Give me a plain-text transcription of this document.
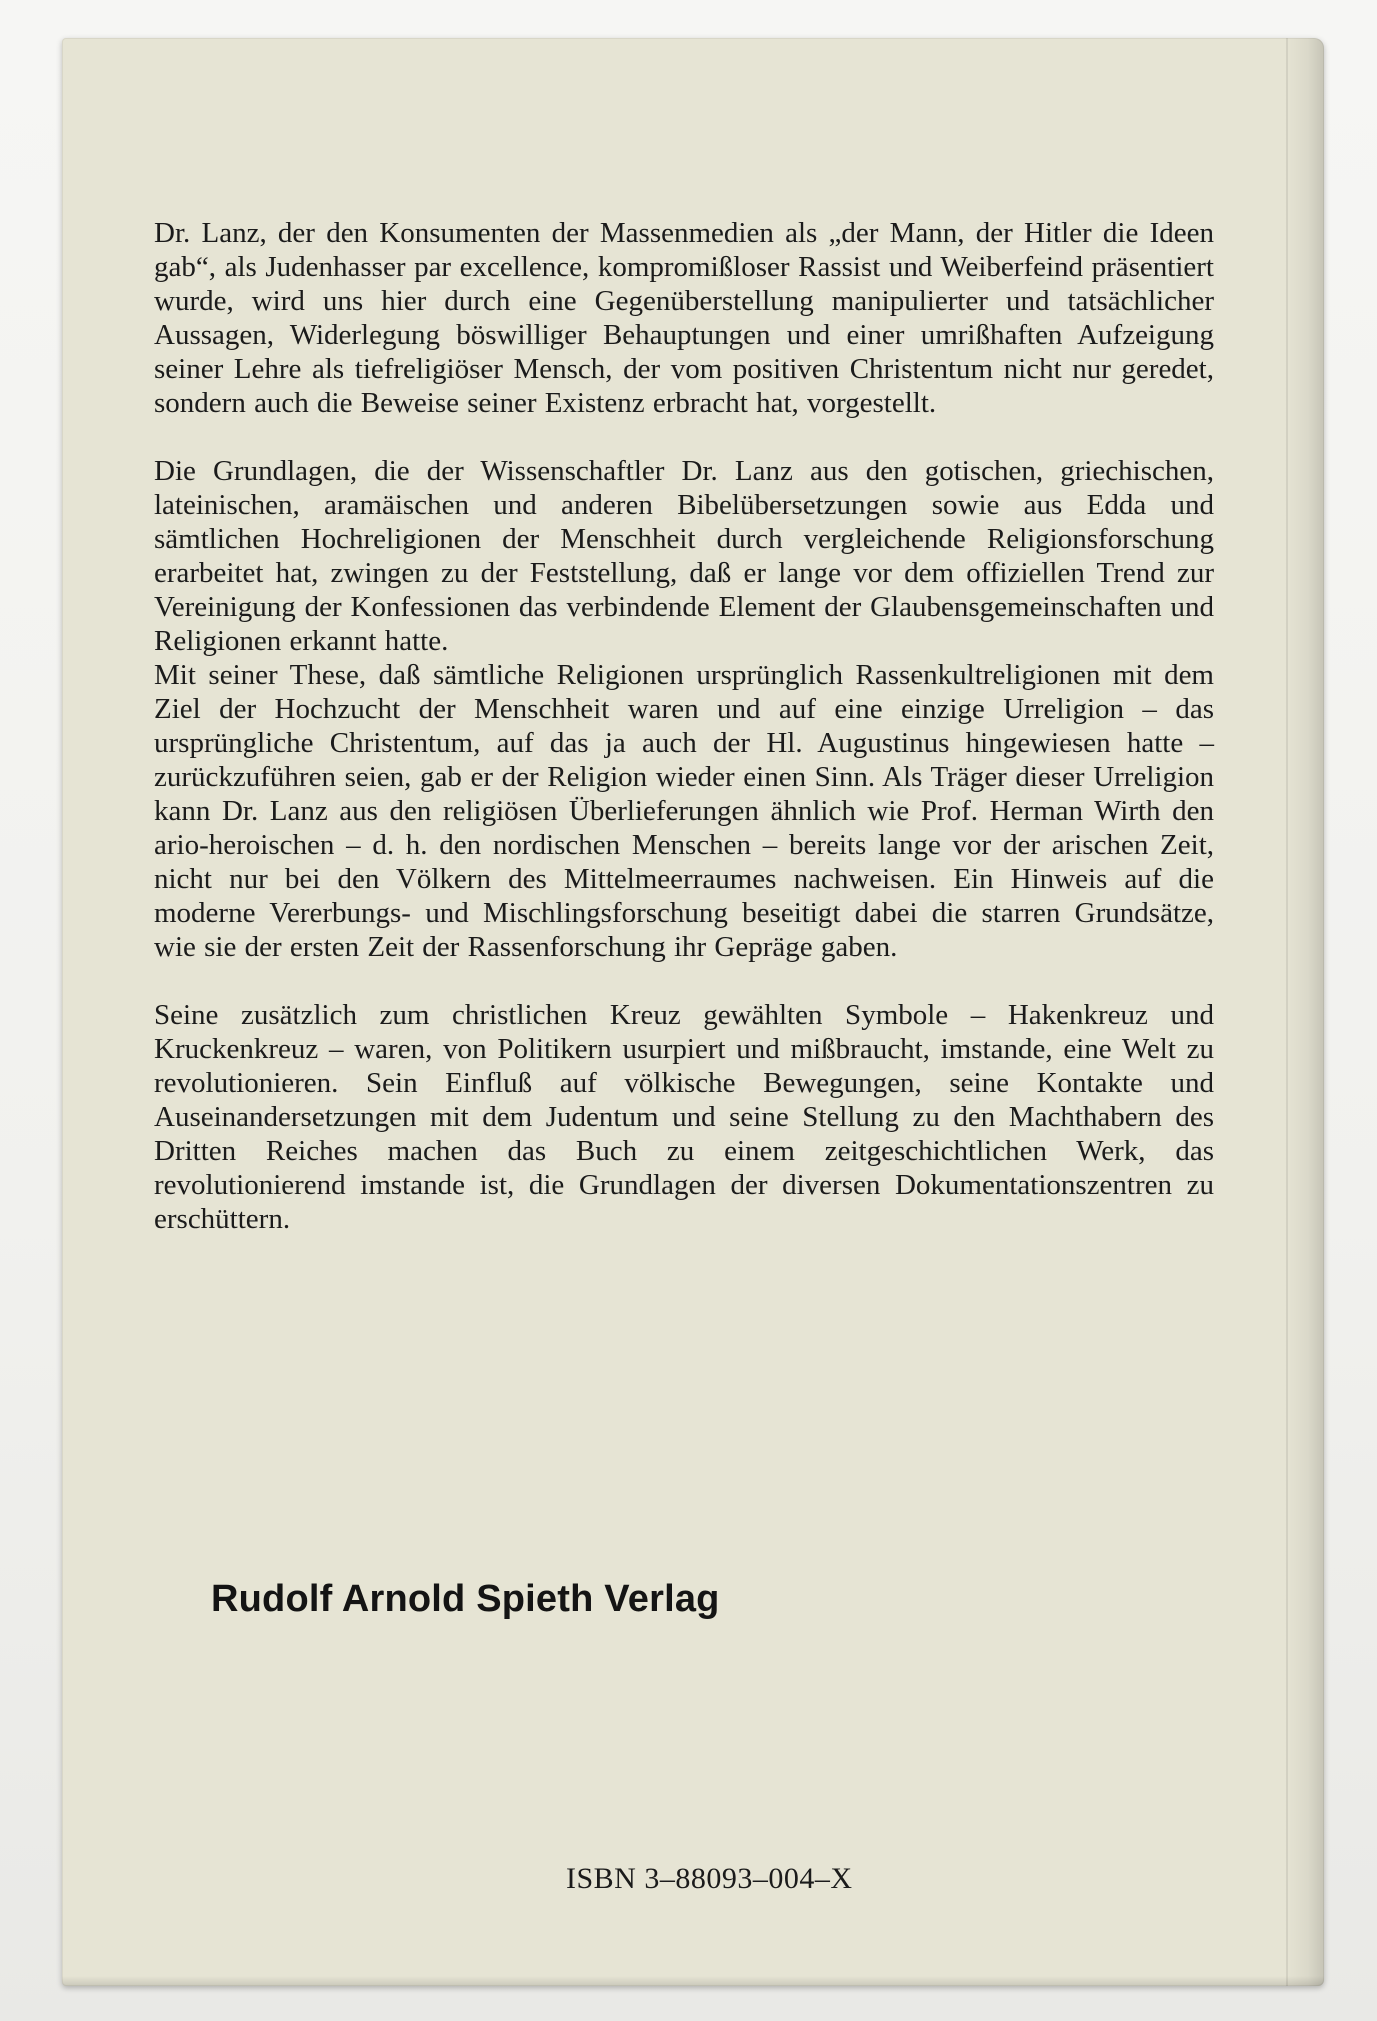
Dr. Lanz, der den Konsumenten der Massenmedien als „der Mann, der Hitler die Ideen gab“, als Judenhasser par excellence, kompromißloser Rassist und Weiberfeind präsentiert wurde, wird uns hier durch eine Gegenüberstellung manipulierter und tatsächlicher Aussagen, Widerlegung böswilliger Behauptungen und einer umrißhaften Aufzeigung seiner Lehre als tiefreligiöser Mensch, der vom positiven Christentum nicht nur geredet, sondern auch die Beweise seiner Existenz erbracht hat, vorgestellt.

Die Grundlagen, die der Wissenschaftler Dr. Lanz aus den gotischen, griechischen, lateinischen, aramäischen und anderen Bibelübersetzungen sowie aus Edda und sämtlichen Hochreligionen der Menschheit durch vergleichende Religionsforschung erarbeitet hat, zwingen zu der Feststellung, daß er lange vor dem offiziellen Trend zur Vereinigung der Konfessionen das verbindende Element der Glaubensgemeinschaften und Religionen erkannt hatte.

Mit seiner These, daß sämtliche Religionen ursprünglich Rassenkultreligionen mit dem Ziel der Hochzucht der Menschheit waren und auf eine einzige Urreligion – das ursprüngliche Christentum, auf das ja auch der Hl. Augustinus hingewiesen hatte – zurückzuführen seien, gab er der Religion wieder einen Sinn. Als Träger dieser Urreligion kann Dr. Lanz aus den religiösen Überlieferungen ähnlich wie Prof. Herman Wirth den ario-heroischen – d. h. den nordischen Menschen – bereits lange vor der arischen Zeit, nicht nur bei den Völkern des Mittelmeerraumes nachweisen. Ein Hinweis auf die moderne Vererbungs- und Mischlingsforschung beseitigt dabei die starren Grundsätze, wie sie der ersten Zeit der Rassenforschung ihr Gepräge gaben.

Seine zusätzlich zum christlichen Kreuz gewählten Symbole – Hakenkreuz und Kruckenkreuz – waren, von Politikern usurpiert und mißbraucht, imstande, eine Welt zu revolutionieren. Sein Einfluß auf völkische Bewegungen, seine Kontakte und Auseinandersetzungen mit dem Judentum und seine Stellung zu den Machthabern des Dritten Reiches machen das Buch zu einem zeitgeschichtlichen Werk, das revolutionierend imstande ist, die Grundlagen der diversen Dokumentationszentren zu erschüttern.

Rudolf Arnold Spieth Verlag
ISBN 3–88093–004–X
